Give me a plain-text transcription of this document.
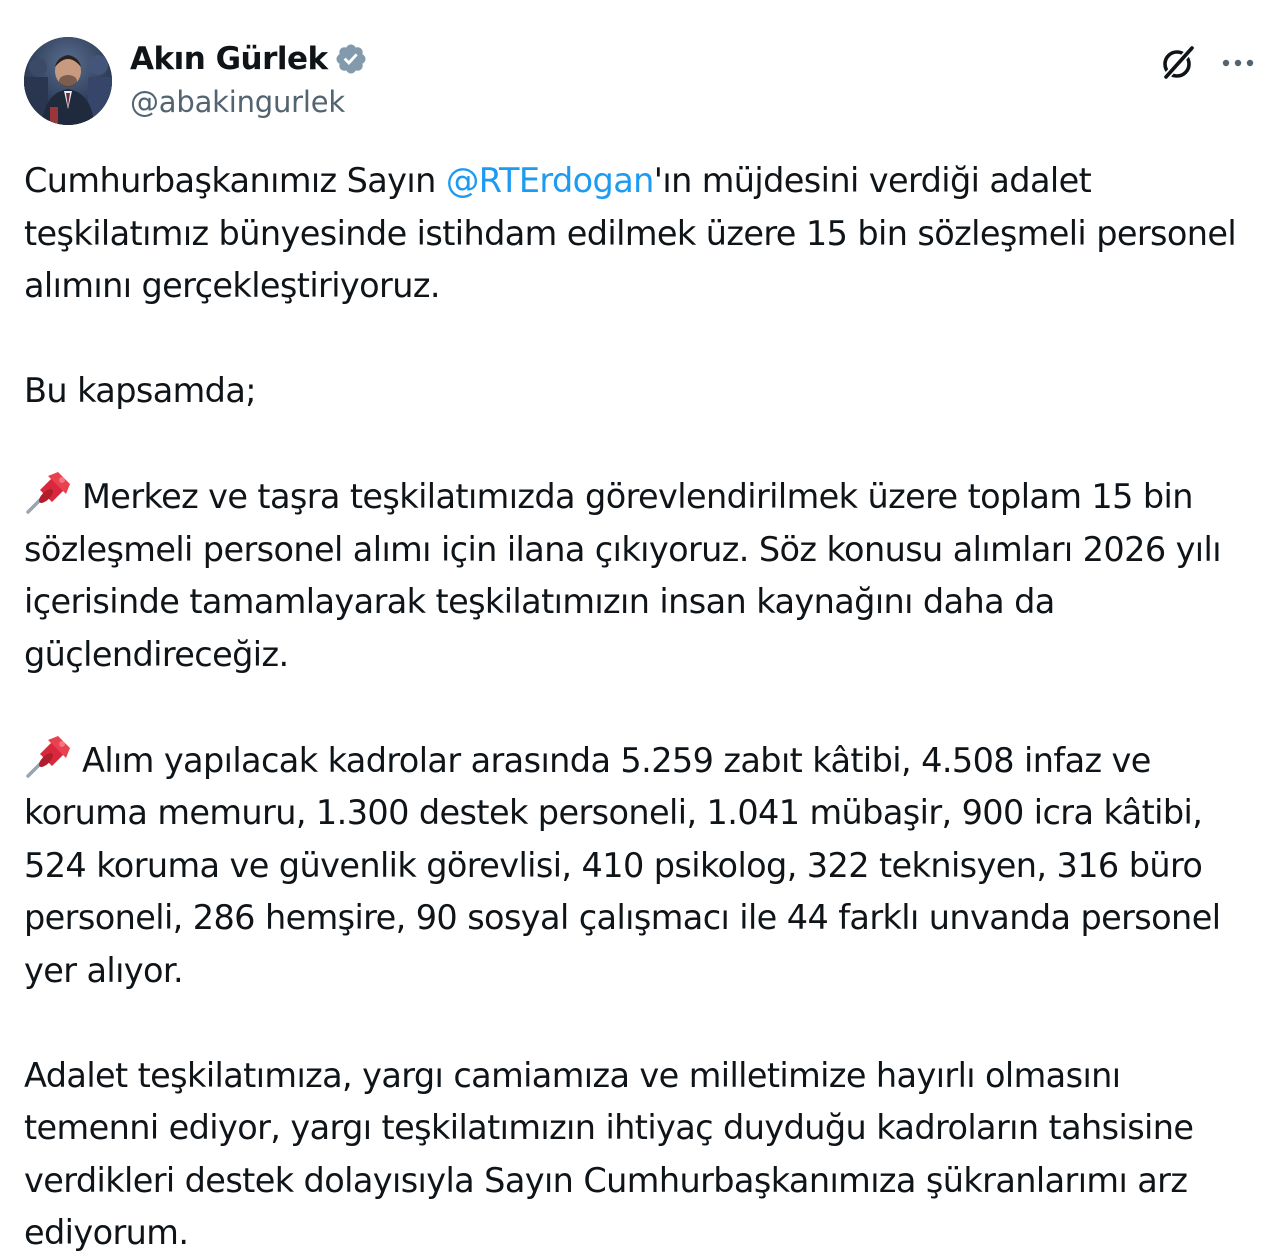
Akın Gürlek
@abakingurlek

Cumhurbaşkanımız Sayın @RTErdogan'ın müjdesini verdiği adalet teşkilatımız bünyesinde istihdam edilmek üzere 15 bin sözleşmeli personel alımını gerçekleştiriyoruz.

Bu kapsamda;

Merkez ve taşra teşkilatımızda görevlendirilmek üzere toplam 15 bin sözleşmeli personel alımı için ilana çıkıyoruz. Söz konusu alımları 2026 yılı içerisinde tamamlayarak teşkilatımızın insan kaynağını daha da güçlendireceğiz.

Alım yapılacak kadrolar arasında 5.259 zabıt kâtibi, 4.508 infaz ve koruma memuru, 1.300 destek personeli, 1.041 mübaşir, 900 icra kâtibi, 524 koruma ve güvenlik görevlisi, 410 psikolog, 322 teknisyen, 316 büro personeli, 286 hemşire, 90 sosyal çalışmacı ile 44 farklı unvanda personel yer alıyor.

Adalet teşkilatımıza, yargı camiamıza ve milletimize hayırlı olmasını temenni ediyor, yargı teşkilatımızın ihtiyaç duyduğu kadroların tahsisine verdikleri destek dolayısıyla Sayın Cumhurbaşkanımıza şükranlarımı arz ediyorum.
